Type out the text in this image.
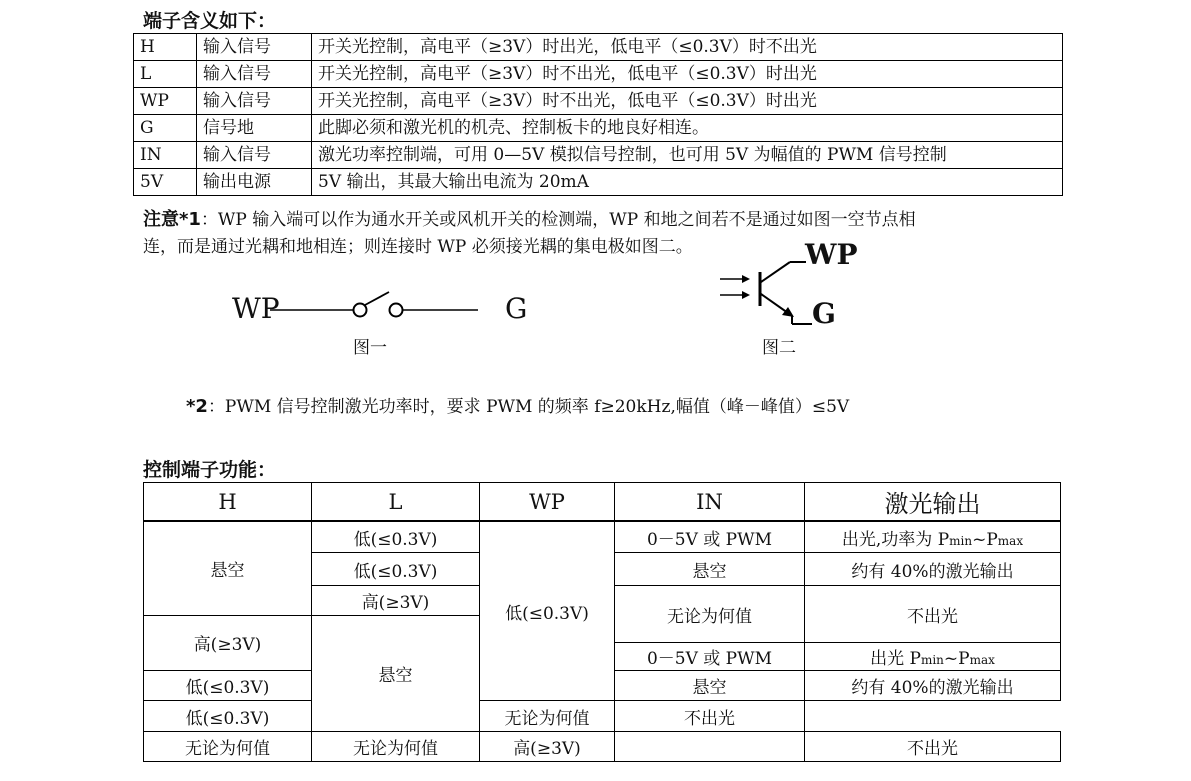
端子含义如下：
H	输入信号	开关光控制，高电平（≥3V）时出光，低电平（≤0.3V）时不出光
L	输入信号	开关光控制，高电平（≥3V）时不出光，低电平（≤0.3V）时出光
WP	输入信号	开关光控制，高电平（≥3V）时不出光，低电平（≤0.3V）时出光
G	信号地	此脚必须和激光机的机壳、控制板卡的地良好相连。
IN	输入信号	激光功率控制端，可用 0—5V 模拟信号控制，也可用 5V 为幅值的 PWM 信号控制
5V	输出电源	5V 输出，其最大输出电流为 20mA
注意*1：WP 输入端可以作为通水开关或风机开关的检测端，WP 和地之间若不是通过如图一空节点相
连，而是通过光耦和地相连；则连接时 WP 必须接光耦的集电极如图二。
WP	G
图一
WP
G
图二
*2：PWM 信号控制激光功率时，要求 PWM 的频率 f≥20kHz,幅值（峰－峰值）≤5V
控制端子功能：
H	L	WP	IN	激光输出
悬空	低(≤0.3V)	低(≤0.3V)	0－5V 或 PWM	出光,功率为 Pmin~Pmax
	低(≤0.3V)		悬空	约有 40%的激光输出
	高(≥3V)		无论为何值	不出光
高(≥3V)	悬空			
			0－5V 或 PWM	出光 Pmin~Pmax
低(≤0.3V)			悬空	约有 40%的激光输出
低(≤0.3V)		无论为何值	不出光	
无论为何值	无论为何值	高(≥3V)		不出光
